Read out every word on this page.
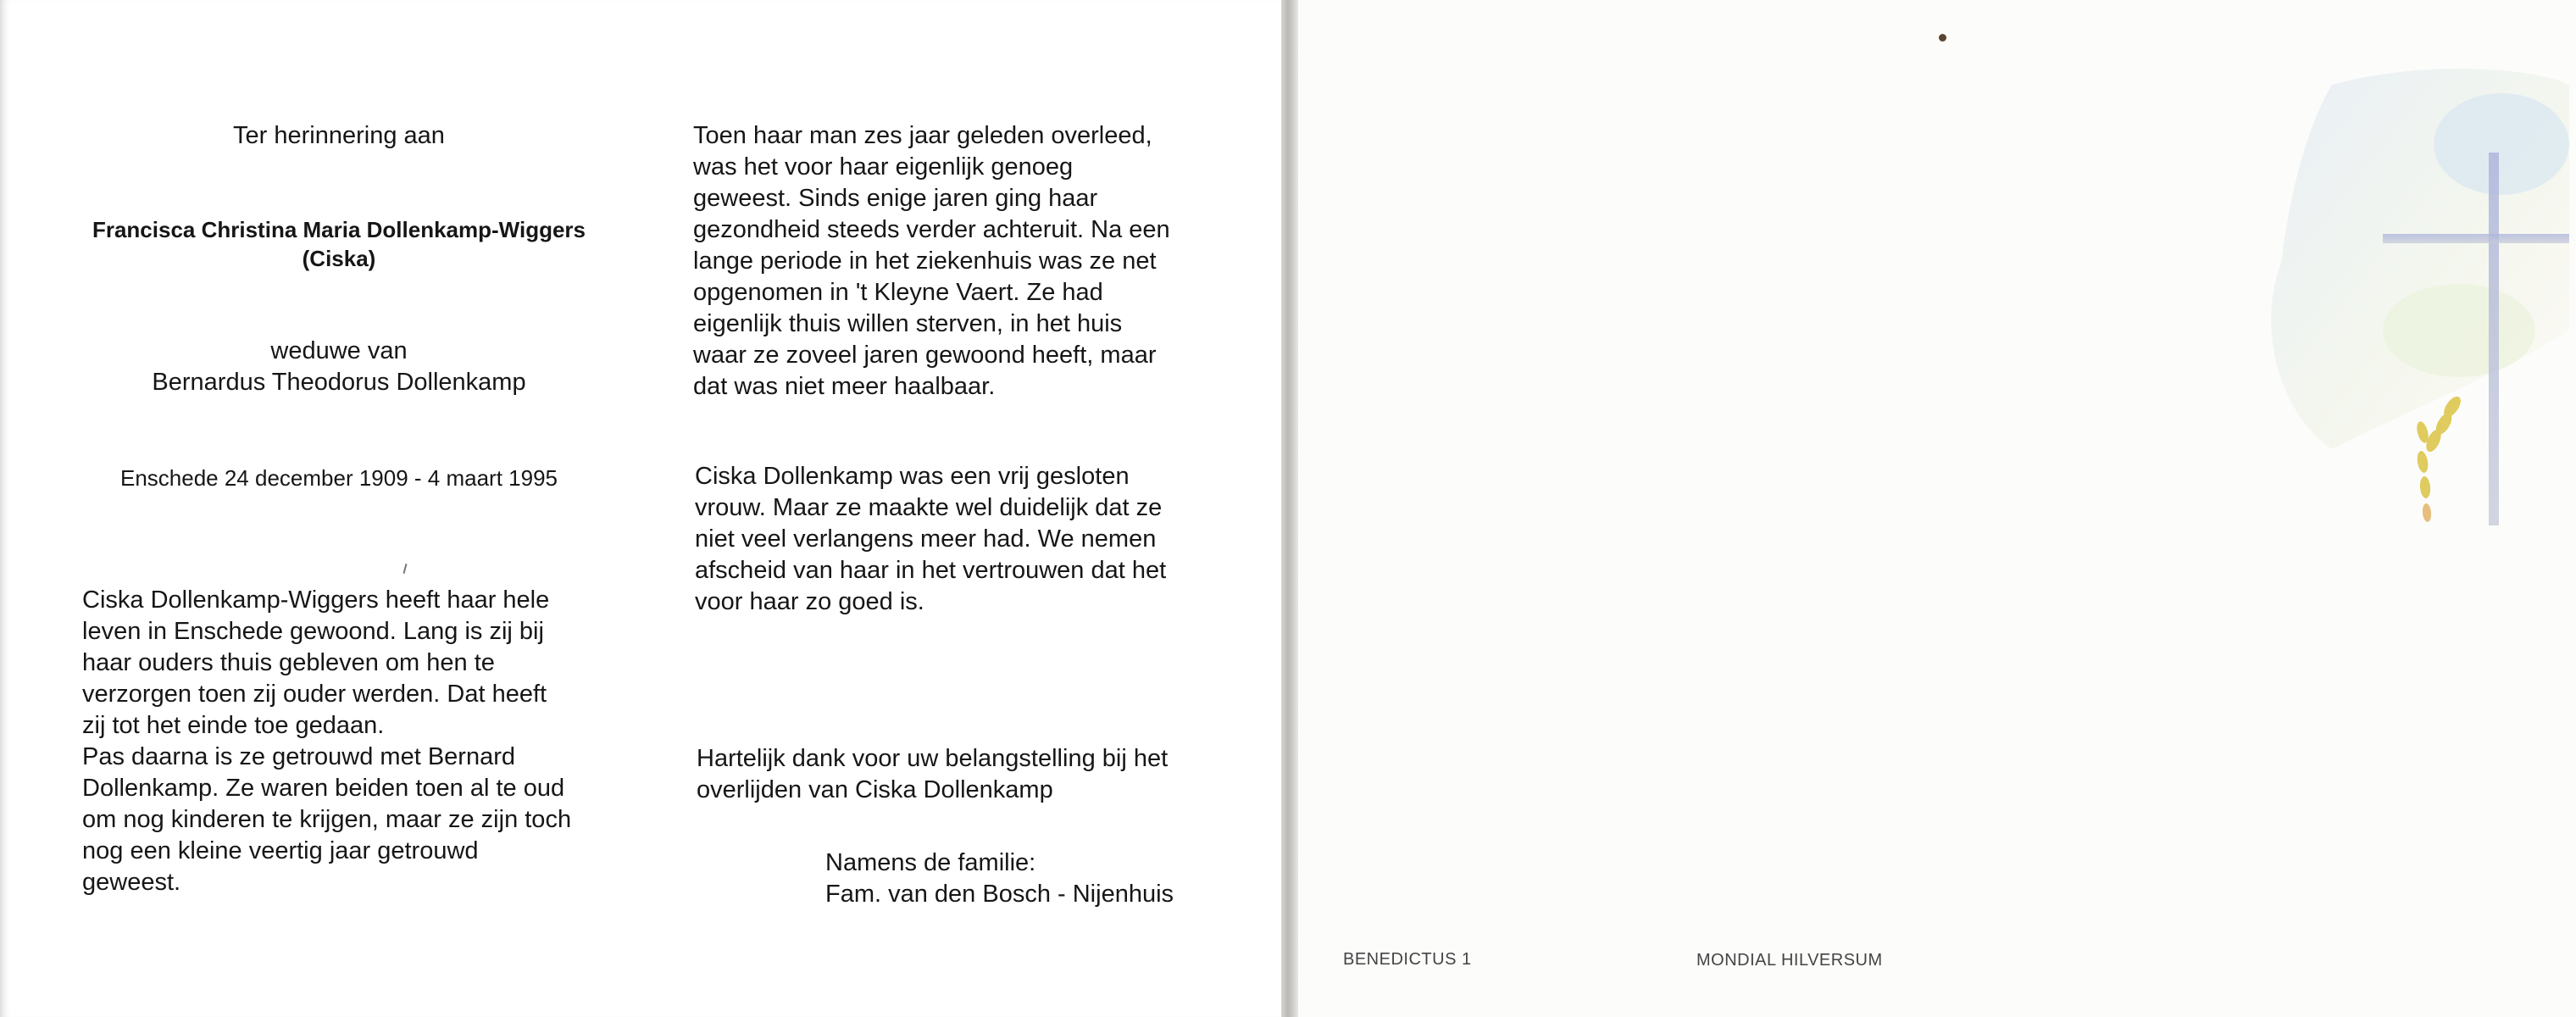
Ter herinnering aan
Francisca Christina Maria Dollenkamp-Wiggers
(Ciska)
weduwe van
Bernardus Theodorus Dollenkamp
Enschede 24 december 1909 - 4 maart 1995
Ciska Dollenkamp-Wiggers heeft haar hele
leven in Enschede gewoond. Lang is zij bij
haar ouders thuis gebleven om hen te
verzorgen toen zij ouder werden. Dat heeft
zij tot het einde toe gedaan.
Pas daarna is ze getrouwd met Bernard
Dollenkamp. Ze waren beiden toen al te oud
om nog kinderen te krijgen, maar ze zijn toch
nog een kleine veertig jaar getrouwd
geweest.
Toen haar man zes jaar geleden overleed,
was het voor haar eigenlijk genoeg
geweest. Sinds enige jaren ging haar
gezondheid steeds verder achteruit. Na een
lange periode in het ziekenhuis was ze net
opgenomen in 't Kleyne Vaert. Ze had
eigenlijk thuis willen sterven, in het huis
waar ze zoveel jaren gewoond heeft, maar
dat was niet meer haalbaar.
Ciska Dollenkamp was een vrij gesloten
vrouw. Maar ze maakte wel duidelijk dat ze
niet veel verlangens meer had. We nemen
afscheid van haar in het vertrouwen dat het
voor haar zo goed is.
Hartelijk dank voor uw belangstelling bij het
overlijden van Ciska Dollenkamp
Namens de familie:
Fam. van den Bosch - Nijenhuis
BENEDICTUS 1	MONDIAL HILVERSUM
